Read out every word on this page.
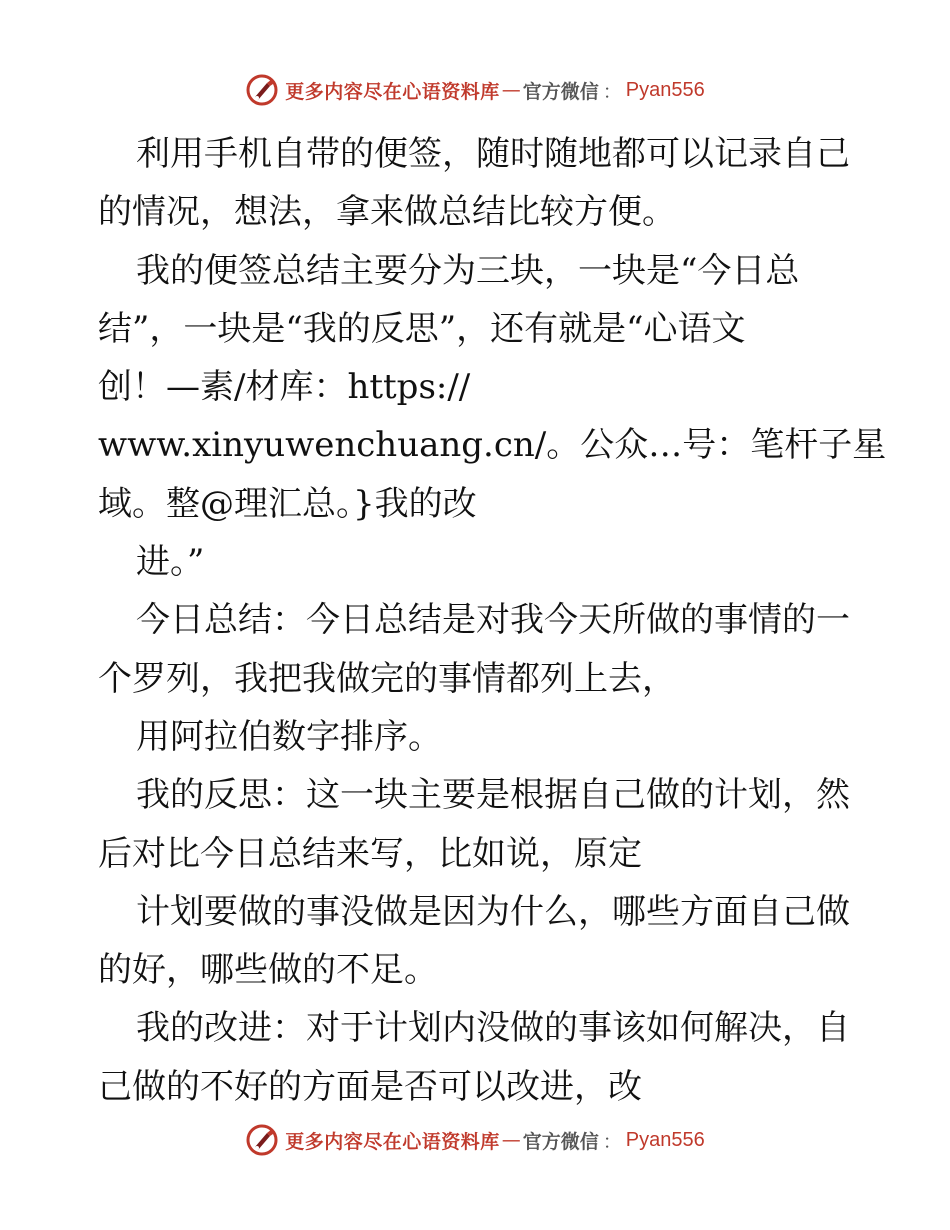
更多内容尽在心语资料库 — 官方微信 ： Pyan556
利用手机自带的便签，随时随地都可以记录自己
的情况，想法，拿来做总结比较方便。
我的便签总结主要分为三块，一块是“今日总
结”，一块是“我的反思”，还有就是“心语文
创！—素/材库：https://
www.xinyuwenchuang.cn/。公众…号：笔杆子星
域。整@理汇总。}我的改
进。”
今日总结：今日总结是对我今天所做的事情的一
个罗列，我把我做完的事情都列上去，
用阿拉伯数字排序。
我的反思：这一块主要是根据自己做的计划，然
后对比今日总结来写，比如说，原定
计划要做的事没做是因为什么，哪些方面自己做
的好，哪些做的不足。
我的改进：对于计划内没做的事该如何解决，自
己做的不好的方面是否可以改进，改
更多内容尽在心语资料库 — 官方微信 ： Pyan556
